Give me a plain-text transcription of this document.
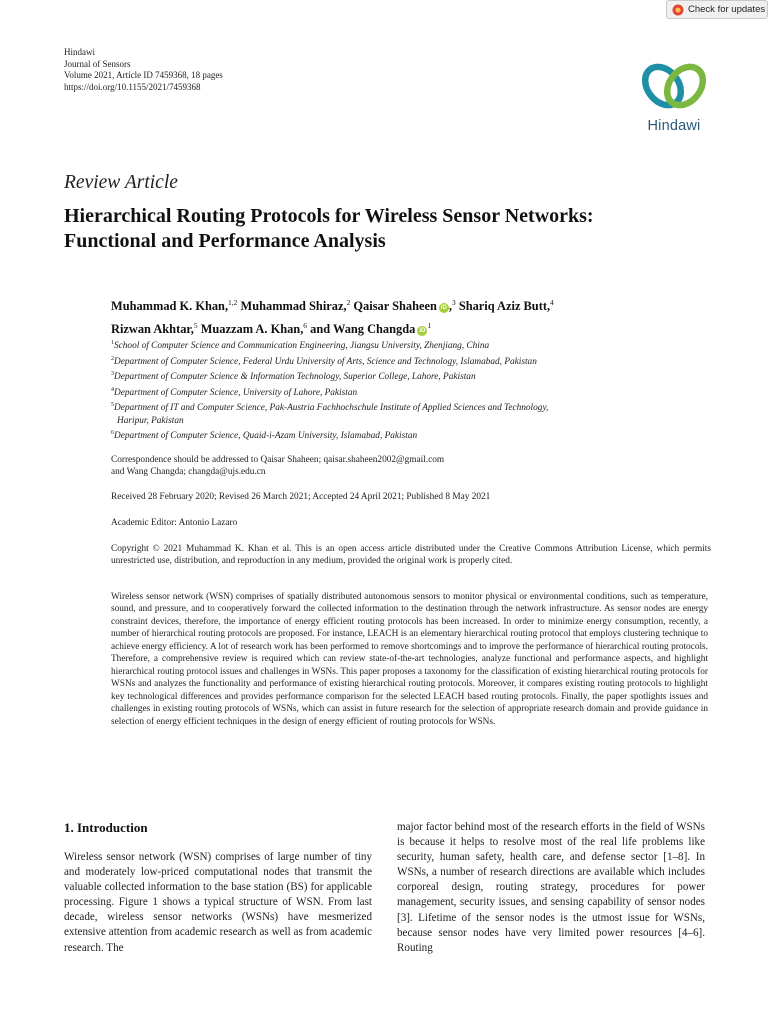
Check for updates
Hindawi
Journal of Sensors
Volume 2021, Article ID 7459368, 18 pages
https://doi.org/10.1155/2021/7459368
Hindawi
Review Article
Hierarchical Routing Protocols for Wireless Sensor Networks:
Functional and Performance Analysis
Muhammad K. Khan,$^{1,2}$ Muhammad Shiraz,$^2$ Qaisar Shaheen iD ,$^3$ Shariq Aziz Butt,$^4$
Rizwan Akhtar,$^5$ Muazzam A. Khan,$^6$ and Wang Changda $iD^1$
$^1$School of Computer Science and Communication Engineering, Jiangsu University, Zhenjiang, China
$^2$Department of Computer Science, Federal Urdu University of Arts, Science and Technology, Islamabad, Pakistan
$^3$Department of Computer Science & Information Technology, Superior College, Lahore, Pakistan
$^4$Department of Computer Science, University of Lahore, Pakistan
$^5$Department of IT and Computer Science, Pak-Austria Fachhochschule Institute of Applied Sciences and Technology,
Haripur, Pakistan
$^6$Department of Computer Science, Quaid-i-Azam University, Islamabad, Pakistan
Correspondence should be addressed to Qaisar Shaheen; qaisar.shaheen2002@gmail.com
and Wang Changda; changda@ujs.edu.cn
Received 28 February 2020; Revised 26 March 2021; Accepted 24 April 2021; Published 8 May 2021
Academic Editor: Antonio Lazaro
Copyright © 2021 Muhammad K. Khan et al. This is an open access article distributed under the Creative Commons Attribution License, which permits unrestricted use, distribution, and reproduction in any medium, provided the original work is properly cited.
Wireless sensor network (WSN) comprises of spatially distributed autonomous sensors to monitor physical or environmental conditions, such as temperature, sound, and pressure, and to cooperatively forward the collected information to the destination through the network infrastructure. As sensor nodes are energy constraint devices, therefore, the importance of energy efficient routing protocols has been increased. In order to minimize energy consumption, recently, a number of hierarchical routing protocols are proposed. For instance, LEACH is an elementary hierarchical routing protocol that employs clustering technique to achieve energy efficiency. A lot of research work has been performed to remove shortcomings and to improve the performance of hierarchical routing protocols. Therefore, a comprehensive review is required which can review state-of-the-art technologies, analyze functional and performance aspects, and highlight hierarchical routing protocol issues and challenges in WSNs. This paper proposes a taxonomy for the classification of existing hierarchical routing protocols for WSNs and analyzes the functionality and performance of existing hierarchical routing protocols. Moreover, it compares existing routing protocols to highlight key technological differences and provides performance comparison for the selected LEACH based routing protocols. Finally, the paper spotlights issues and challenges in existing routing protocols of WSNs, which can assist in future research for the selection of appropriate research domain and provide guidance in selection of energy efficient techniques in the design of energy efficient of routing protocols for WSNs.
1. Introduction
Wireless sensor network (WSN) comprises of large number of tiny and moderately low-priced computational nodes that transmit the valuable collected information to the base station (BS) for applicable processing. Figure 1 shows a typical structure of WSN. From last decade, wireless sensor networks (WSNs) have mesmerized extensive attention from academic research as well as from academic research. The
major factor behind most of the research efforts in the field of WSNs is because it helps to resolve most of the real life problems like security, human safety, health care, and defense sector [1–8]. In WSNs, a number of research directions are available which includes corporeal design, routing strategy, procedures for power management, security issues, and sensing capability of sensor nodes [3]. Lifetime of the sensor nodes is the utmost issue for WSNs, because sensor nodes have very limited power resources [4–6]. Routing
